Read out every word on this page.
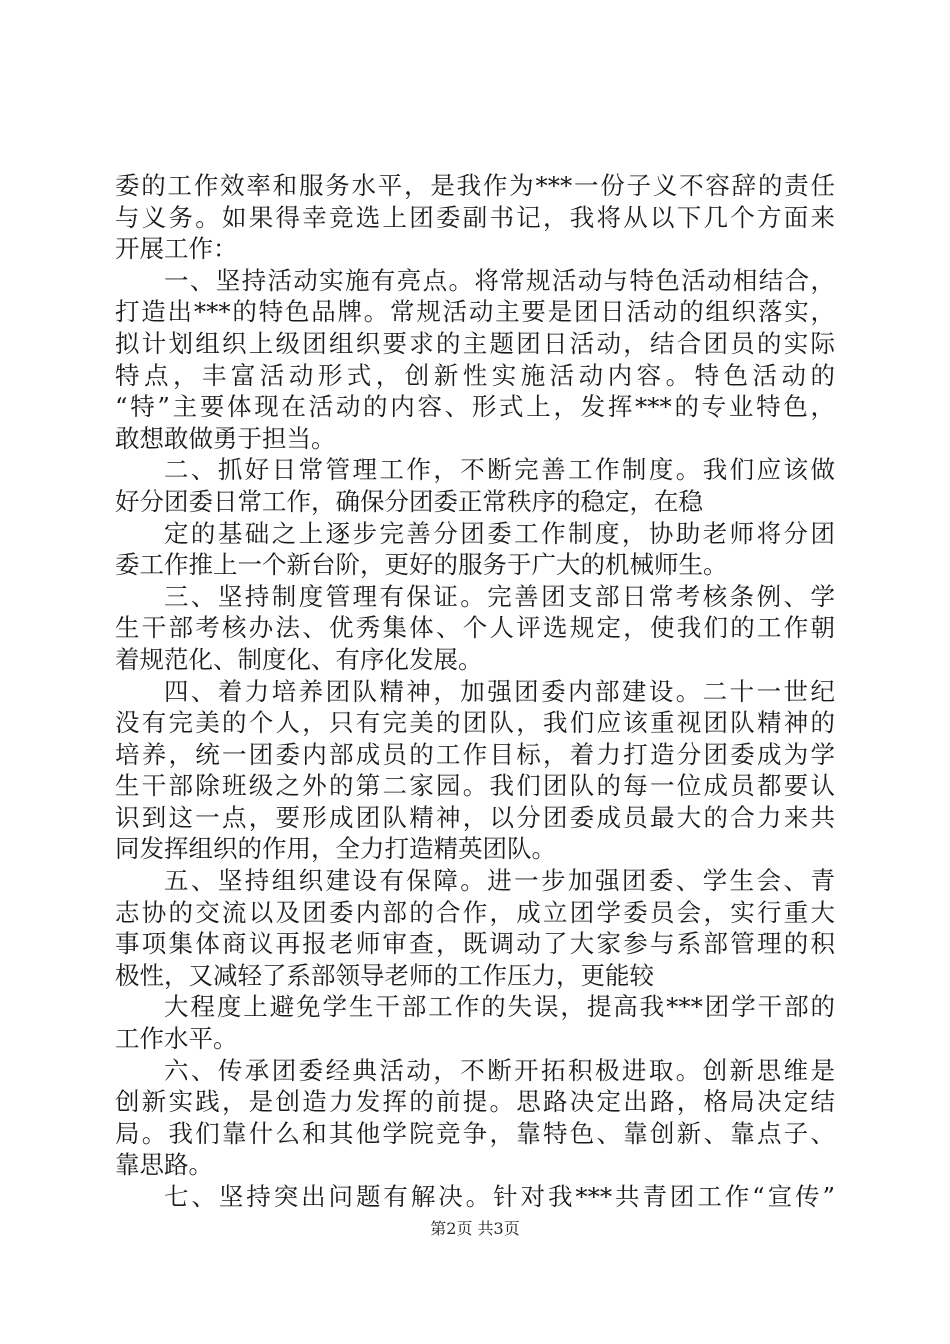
委的工作效率和服务水平，是我作为***一份子义不容辞的责任
与义务。如果得幸竞选上团委副书记，我将从以下几个方面来
开展工作：
一、坚持活动实施有亮点。将常规活动与特色活动相结合，
打造出***的特色品牌。常规活动主要是团日活动的组织落实，
拟计划组织上级团组织要求的主题团日活动，结合团员的实际
特点，丰富活动形式，创新性实施活动内容。特色活动的
“特”主要体现在活动的内容、形式上，发挥***的专业特色，
敢想敢做勇于担当。
二、抓好日常管理工作，不断完善工作制度。我们应该做
好分团委日常工作，确保分团委正常秩序的稳定，在稳
定的基础之上逐步完善分团委工作制度，协助老师将分团
委工作推上一个新台阶，更好的服务于广大的机械师生。
三、坚持制度管理有保证。完善团支部日常考核条例、学
生干部考核办法、优秀集体、个人评选规定，使我们的工作朝
着规范化、制度化、有序化发展。
四、着力培养团队精神，加强团委内部建设。二十一世纪
没有完美的个人，只有完美的团队，我们应该重视团队精神的
培养，统一团委内部成员的工作目标，着力打造分团委成为学
生干部除班级之外的第二家园。我们团队的每一位成员都要认
识到这一点，要形成团队精神，以分团委成员最大的合力来共
同发挥组织的作用，全力打造精英团队。
五、坚持组织建设有保障。进一步加强团委、学生会、青
志协的交流以及团委内部的合作，成立团学委员会，实行重大
事项集体商议再报老师审查，既调动了大家参与系部管理的积
极性，又减轻了系部领导老师的工作压力，更能较
大程度上避免学生干部工作的失误，提高我***团学干部的
工作水平。
六、传承团委经典活动，不断开拓积极进取。创新思维是
创新实践，是创造力发挥的前提。思路决定出路，格局决定结
局。我们靠什么和其他学院竞争，靠特色、靠创新、靠点子、
靠思路。
七、坚持突出问题有解决。针对我***共青团工作“宣传”
第2页 共3页
